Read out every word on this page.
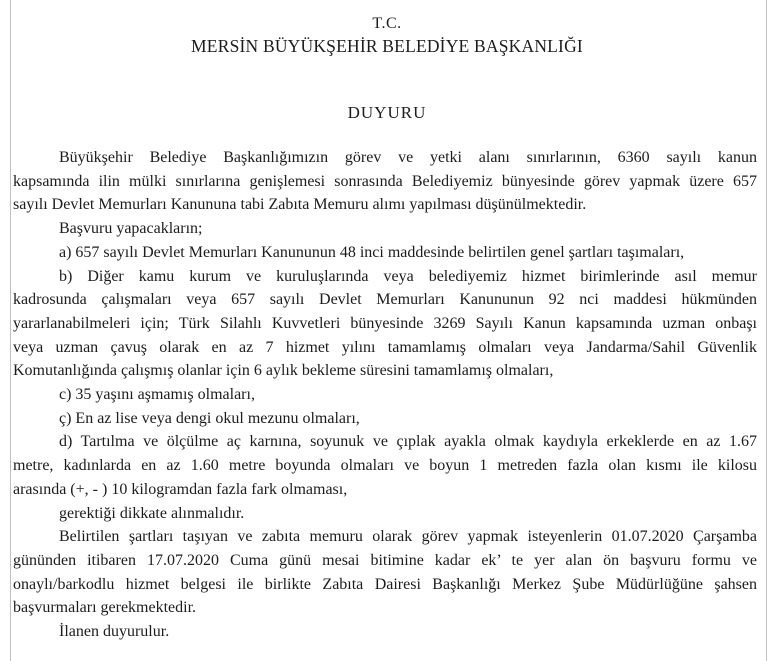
T.C.
MERSİN BÜYÜKŞEHİR BELEDİYE BAŞKANLIĞI
DUYURU
Büyükşehir Belediye Başkanlığımızın görev ve yetki alanı sınırlarının, 6360 sayılı kanun
kapsamında ilin mülki sınırlarına genişlemesi sonrasında Belediyemiz bünyesinde görev yapmak üzere 657
sayılı Devlet Memurları Kanununa tabi Zabıta Memuru alımı yapılması düşünülmektedir.
Başvuru yapacakların;
a) 657 sayılı Devlet Memurları Kanununun 48 inci maddesinde belirtilen genel şartları taşımaları,
b) Diğer kamu kurum ve kuruluşlarında veya belediyemiz hizmet birimlerinde asıl memur
kadrosunda çalışmaları veya 657 sayılı Devlet Memurları Kanununun 92 nci maddesi hükmünden
yararlanabilmeleri için; Türk Silahlı Kuvvetleri bünyesinde 3269 Sayılı Kanun kapsamında uzman onbaşı
veya uzman çavuş olarak en az 7 hizmet yılını tamamlamış olmaları veya Jandarma/Sahil Güvenlik
Komutanlığında çalışmış olanlar için 6 aylık bekleme süresini tamamlamış olmaları,
c) 35 yaşını aşmamış olmaları,
ç) En az lise veya dengi okul mezunu olmaları,
d) Tartılma ve ölçülme aç karnına, soyunuk ve çıplak ayakla olmak kaydıyla erkeklerde en az 1.67
metre, kadınlarda en az 1.60 metre boyunda olmaları ve boyun 1 metreden fazla olan kısmı ile kilosu
arasında (+, - ) 10 kilogramdan fazla fark olmaması,
gerektiği dikkate alınmalıdır.
Belirtilen şartları taşıyan ve zabıta memuru olarak görev yapmak isteyenlerin 01.07.2020 Çarşamba
gününden itibaren 17.07.2020 Cuma günü mesai bitimine kadar ek’ te yer alan ön başvuru formu ve
onaylı/barkodlu hizmet belgesi ile birlikte Zabıta Dairesi Başkanlığı Merkez Şube Müdürlüğüne şahsen
başvurmaları gerekmektedir.
İlanen duyurulur.
